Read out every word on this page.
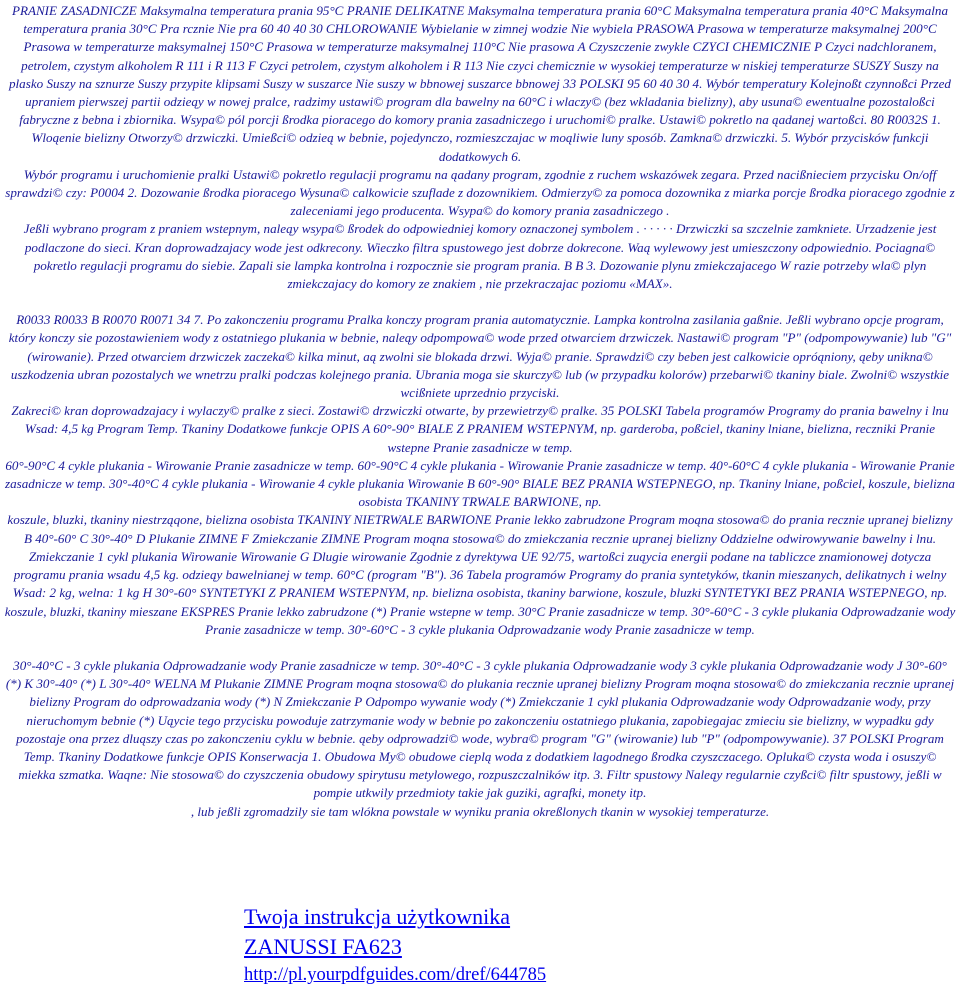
PRANIE ZASADNICZE Maksymalna temperatura prania 95°C PRANIE DELIKATNE Maksymalna temperatura prania 60°C Maksymalna temperatura prania 40°C Maksymalna temperatura prania 30°C Pra rcznie Nie pra 60 40 40 30 CHLOROWANIE Wybielanie w zimnej wodzie Nie wybiela PRASOWA Prasowa w temperaturze maksymalnej 200°C Prasowa w temperaturze maksymalnej 150°C Prasowa w temperaturze maksymalnej 110°C Nie prasowa A Czyszczenie zwykle CZYCI CHEMICZNIE P Czyci nadchloranem, petrolem, czystym alkoholem R 111 i R 113 F Czyci petrolem, czystym alkoholem i R 113 Nie czyci chemicznie w wysokiej temperaturze w niskiej temperaturze SUSZY Suszy na plasko Suszy na sznurze Suszy przypite klipsami Suszy w suszarce Nie suszy w bbnowej suszarce bbnowej 33 POLSKI 95 60 40 30 4. Wybór temperatury Kolejnoßt czynnoßci Przed upraniem pierwszej partii odzieąy w nowej pralce, radzimy ustawi© program dla bawelny na 60°C i wlaczy© (bez wkladania bielizny), aby usuna© ewentualne pozostaloßci fabryczne z bebna i zbiornika. Wsypa© pól porcji ßrodka pioracego do komory prania zasadniczego i uruchomi© pralke. Ustawi© pokretlo na ąadanej wartoßci. 80 R0032S 1. Wloąenie bielizny Otworzy© drzwiczki. Umießci© odzieą w bebnie, pojedynczo, rozmieszczajac w moąliwie luny sposób. Zamkna© drzwiczki. 5. Wybór przycisków funkcji dodatkowych 6.

Wybór programu i uruchomienie pralki Ustawi© pokretlo regulacji programu na ąadany program, zgodnie z ruchem wskazówek zegara. Przed nacißnieciem przycisku On/off sprawdzi© czy: P0004 2. Dozowanie ßrodka pioracego Wysuna© calkowicie szuflade z dozownikiem. Odmierzy© za pomoca dozownika z miarka porcje ßrodka pioracego zgodnie z zaleceniami jego producenta. Wsypa© do komory prania zasadniczego .

Jeßli wybrano program z praniem wstepnym, naleąy wsypa© ßrodek do odpowiedniej komory oznaczonej symbolem . · · · · · Drzwiczki sa szczelnie zamkniete. Urzadzenie jest podlaczone do sieci. Kran doprowadzajacy wode jest odkrecony. Wieczko filtra spustowego jest dobrze dokrecone. Waą wylewowy jest umieszczony odpowiednio. Pociagna© pokretlo regulacji programu do siebie. Zapali sie lampka kontrolna i rozpocznie sie program prania. B B 3. Dozowanie plynu zmiekczajacego W razie potrzeby wla© plyn zmiekczajacy do komory ze znakiem , nie przekraczajac poziomu «MAX».

R0033 R0033 B R0070 R0071 34 7. Po zakonczeniu programu Pralka konczy program prania automatycznie. Lampka kontrolna zasilania gaßnie. Jeßli wybrano opcje program, który konczy sie pozostawieniem wody z ostatniego plukania w bebnie, naleąy odpompowa© wode przed otwarciem drzwiczek. Nastawi© program "P" (odpompowywanie) lub "G" (wirowanie). Przed otwarciem drzwiczek zaczeka© kilka minut, aą zwolni sie blokada drzwi. Wyja© pranie. Sprawdzi© czy beben jest calkowicie opróąniony, ąeby unikna© uszkodzenia ubran pozostalych we wnetrzu pralki podczas kolejnego prania. Ubrania moga sie skurczy© lub (w przypadku kolorów) przebarwi© tkaniny biale. Zwolni© wszystkie wcißniete uprzednio przyciski.

Zakreci© kran doprowadzajacy i wylaczy© pralke z sieci. Zostawi© drzwiczki otwarte, by przewietrzy© pralke. 35 POLSKI Tabela programów Programy do prania bawelny i lnu Wsad: 4,5 kg Program Temp. Tkaniny Dodatkowe funkcje OPIS A 60°-90° BIALE Z PRANIEM WSTEPNYM, np. garderoba, poßciel, tkaniny lniane, bielizna, reczniki Pranie wstepne Pranie zasadnicze w temp.

60°-90°C 4 cykle plukania - Wirowanie Pranie zasadnicze w temp. 60°-90°C 4 cykle plukania - Wirowanie Pranie zasadnicze w temp. 40°-60°C 4 cykle plukania - Wirowanie Pranie zasadnicze w temp. 30°-40°C 4 cykle plukania - Wirowanie 4 cykle plukania Wirowanie B 60°-90° BIALE BEZ PRANIA WSTEPNEGO, np. Tkaniny lniane, poßciel, koszule, bielizna osobista TKANINY TRWALE BARWIONE, np.

koszule, bluzki, tkaniny niestrząqone, bielizna osobista TKANINY NIETRWALE BARWIONE Pranie lekko zabrudzone Program moąna stosowa© do prania recznie upranej bielizny B 40°-60° C 30°-40° D Plukanie ZIMNE F Zmiekczanie ZIMNE Program moąna stosowa© do zmiekczania recznie upranej bielizny Oddzielne odwirowywanie bawelny i lnu. Zmiekczanie 1 cykl plukania Wirowanie Wirowanie G Dlugie wirowanie Zgodnie z dyrektywa UE 92/75, wartoßci zuąycia energii podane na tabliczce znamionowej dotycza programu prania wsadu 4,5 kg. odzieąy bawelnianej w temp. 60°C (program "B"). 36 Tabela programów Programy do prania syntetyków, tkanin mieszanych, delikatnych i welny Wsad: 2 kg, welna: 1 kg H 30°-60° SYNTETYKI Z PRANIEM WSTEPNYM, np. bielizna osobista, tkaniny barwione, koszule, bluzki SYNTETYKI BEZ PRANIA WSTEPNEGO, np. koszule, bluzki, tkaniny mieszane EKSPRES Pranie lekko zabrudzone (*) Pranie wstepne w temp. 30°C Pranie zasadnicze w temp. 30°-60°C - 3 cykle plukania Odprowadzanie wody Pranie zasadnicze w temp. 30°-60°C - 3 cykle plukania Odprowadzanie wody Pranie zasadnicze w temp.

30°-40°C - 3 cykle plukania Odprowadzanie wody Pranie zasadnicze w temp. 30°-40°C - 3 cykle plukania Odprowadzanie wody 3 cykle plukania Odprowadzanie wody J 30°-60° (*) K 30°-40° (*) L 30°-40° WELNA M Plukanie ZIMNE Program moąna stosowa© do plukania recznie upranej bielizny Program moąna stosowa© do zmiekczania recznie upranej bielizny Program do odprowadzania wody (*) N Zmiekczanie P Odpompo wywanie wody (*) Zmiekczanie 1 cykl plukania Odprowadzanie wody Odprowadzanie wody, przy nieruchomym bebnie (*) Uąycie tego przycisku powoduje zatrzymanie wody w bebnie po zakonczeniu ostatniego plukania, zapobiegajac zmieciu sie bielizny, w wypadku gdy pozostaje ona przez dluąszy czas po zakonczeniu cyklu w bebnie. ąeby odprowadzi© wode, wybra© program "G" (wirowanie) lub "P" (odpompowywanie). 37 POLSKI Program Temp. Tkaniny Dodatkowe funkcje OPIS Konserwacja 1. Obudowa My© obudowe cieplą woda z dodatkiem lagodnego ßrodka czyszczacego. Opluka© czysta woda i osuszy© miekka szmatka. Waqne: Nie stosowa© do czyszczenia obudowy spirytusu metylowego, rozpuszczalników itp. 3. Filtr spustowy Naleąy regularnie czyßci© filtr spustowy, jeßli w pompie utkwily przedmioty takie jak guziki, agrafki, monety itp.

, lub jeßli zgromadzily sie tam wlókna powstale w wyniku prania okreßlonych tkanin w wysokiej temperaturze.

Twoja instrukcja użytkownika
ZANUSSI FA623
http://pl.yourpdfguides.com/dref/644785
